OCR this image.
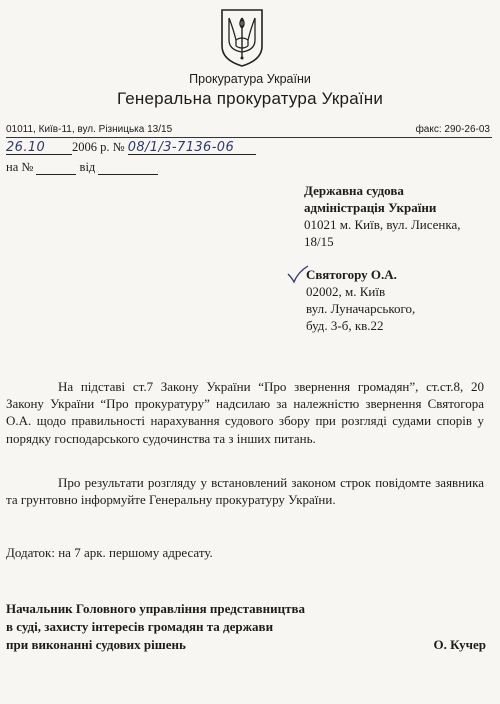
Прокуратура України
Генеральна прокуратура України
01011, Київ-11, вул. Різницька 13/15	факс: 290-26-03
26.10 2006 р. № 08/1/3-7136-06
на №	від
Державна судова
адміністрація України
01021 м. Київ, вул. Лисенка,
18/15
Святогору О.А.
02002, м. Київ
вул. Луначарського,
буд. 3-б, кв.22
На підставі ст.7 Закону України “Про звернення громадян”, ст.ст.8, 20 Закону України “Про прокуратуру” надсилаю за належністю звернення Святогора О.А. щодо правильності нарахування судового збору при розгляді судами спорів у порядку господарського судочинства та з інших питань.
Про результати розгляду у встановлений законом строк повідомте заявника та грунтовно інформуйте Генеральну прокуратуру України.
Додаток: на 7 арк. першому адресату.
Начальник Головного управління представництва
в суді, захисту інтересів громадян та держави
при виконанні судових рішень	О. Кучер
